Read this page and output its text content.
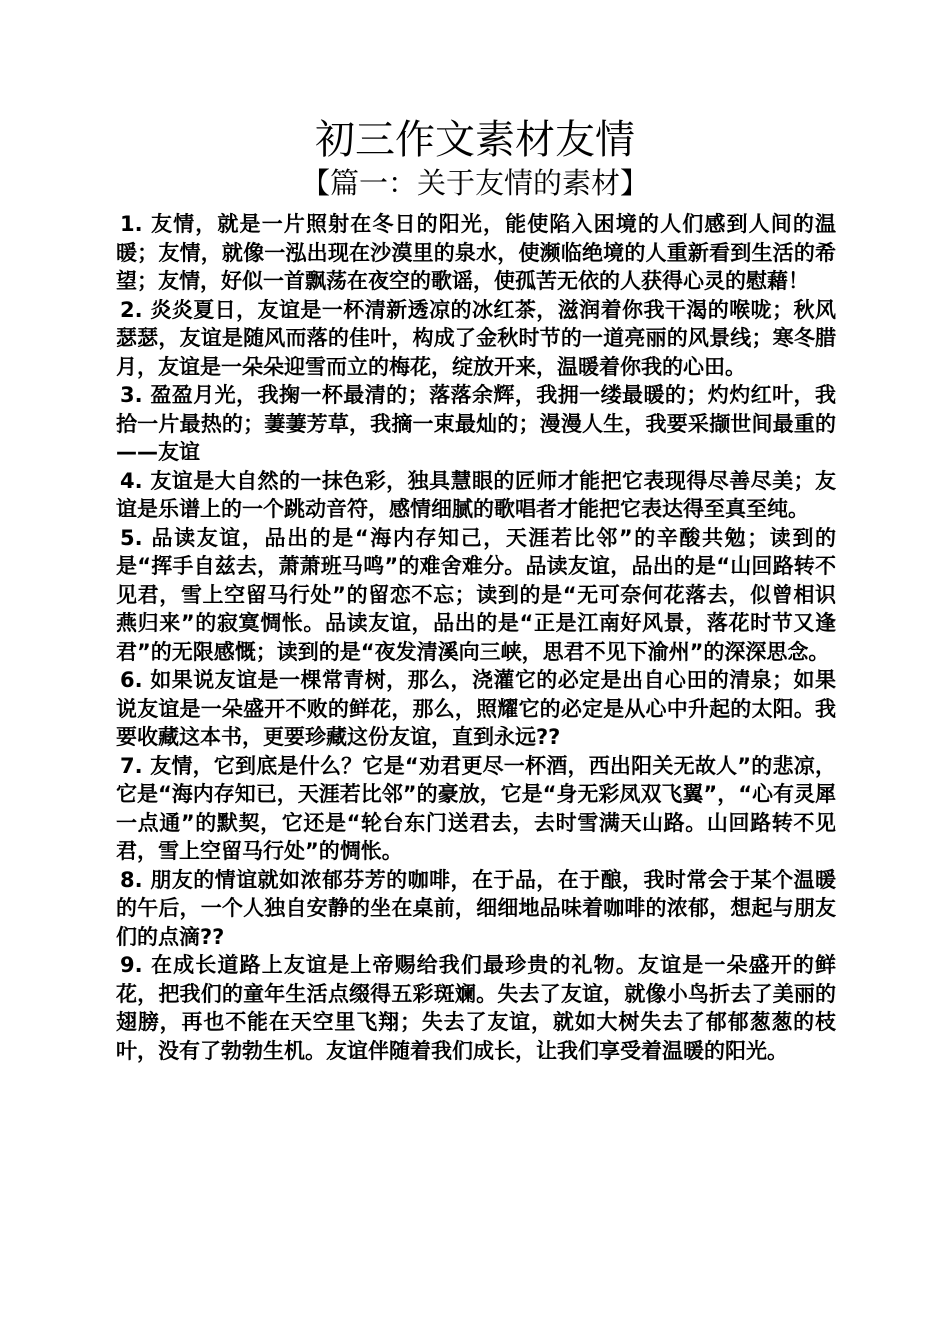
初三作文素材友情
【篇一：关于友情的素材】

1. 友情，就是一片照射在冬日的阳光，能使陷入困境的人们感到人间的温暖；友情，就像一泓出现在沙漠里的泉水，使濒临绝境的人重新看到生活的希望；友情，好似一首飘荡在夜空的歌谣，使孤苦无依的人获得心灵的慰藉！

2. 炎炎夏日，友谊是一杯清新透凉的冰红茶，滋润着你我干渴的喉咙；秋风瑟瑟，友谊是随风而落的佳叶，构成了金秋时节的一道亮丽的风景线；寒冬腊月，友谊是一朵朵迎雪而立的梅花，绽放开来，温暖着你我的心田。

3. 盈盈月光，我掬一杯最清的；落落余辉，我拥一缕最暖的；灼灼红叶，我拾一片最热的；萋萋芳草，我摘一束最灿的；漫漫人生，我要采撷世间最重的——友谊

4. 友谊是大自然的一抹色彩，独具慧眼的匠师才能把它表现得尽善尽美；友谊是乐谱上的一个跳动音符，感情细腻的歌唱者才能把它表达得至真至纯。

5. 品读友谊，品出的是“海内存知己，天涯若比邻”的辛酸共勉；读到的是“挥手自兹去，萧萧班马鸣”的难舍难分。品读友谊，品出的是“山回路转不见君，雪上空留马行处”的留恋不忘；读到的是“无可奈何花落去，似曾相识燕归来”的寂寞惆怅。品读友谊，品出的是“正是江南好风景，落花时节又逢君”的无限感慨；读到的是“夜发清溪向三峡，思君不见下渝州”的深深思念。

6. 如果说友谊是一棵常青树，那么，浇灌它的必定是出自心田的清泉；如果说友谊是一朵盛开不败的鲜花，那么，照耀它的必定是从心中升起的太阳。我要收藏这本书，更要珍藏这份友谊，直到永远??

7. 友情，它到底是什么？它是“劝君更尽一杯酒，西出阳关无故人”的悲凉，它是“海内存知已，天涯若比邻”的豪放，它是“身无彩凤双飞翼”，“心有灵犀一点通”的默契，它还是“轮台东门送君去，去时雪满天山路。山回路转不见君，雪上空留马行处”的惆怅。

8. 朋友的情谊就如浓郁芬芳的咖啡，在于品，在于酿，我时常会于某个温暖的午后，一个人独自安静的坐在桌前，细细地品味着咖啡的浓郁，想起与朋友们的点滴??

9. 在成长道路上友谊是上帝赐给我们最珍贵的礼物。友谊是一朵盛开的鲜花，把我们的童年生活点缀得五彩斑斓。失去了友谊，就像小鸟折去了美丽的翅膀，再也不能在天空里飞翔；失去了友谊，就如大树失去了郁郁葱葱的枝叶，没有了勃勃生机。友谊伴随着我们成长，让我们享受着温暖的阳光。
